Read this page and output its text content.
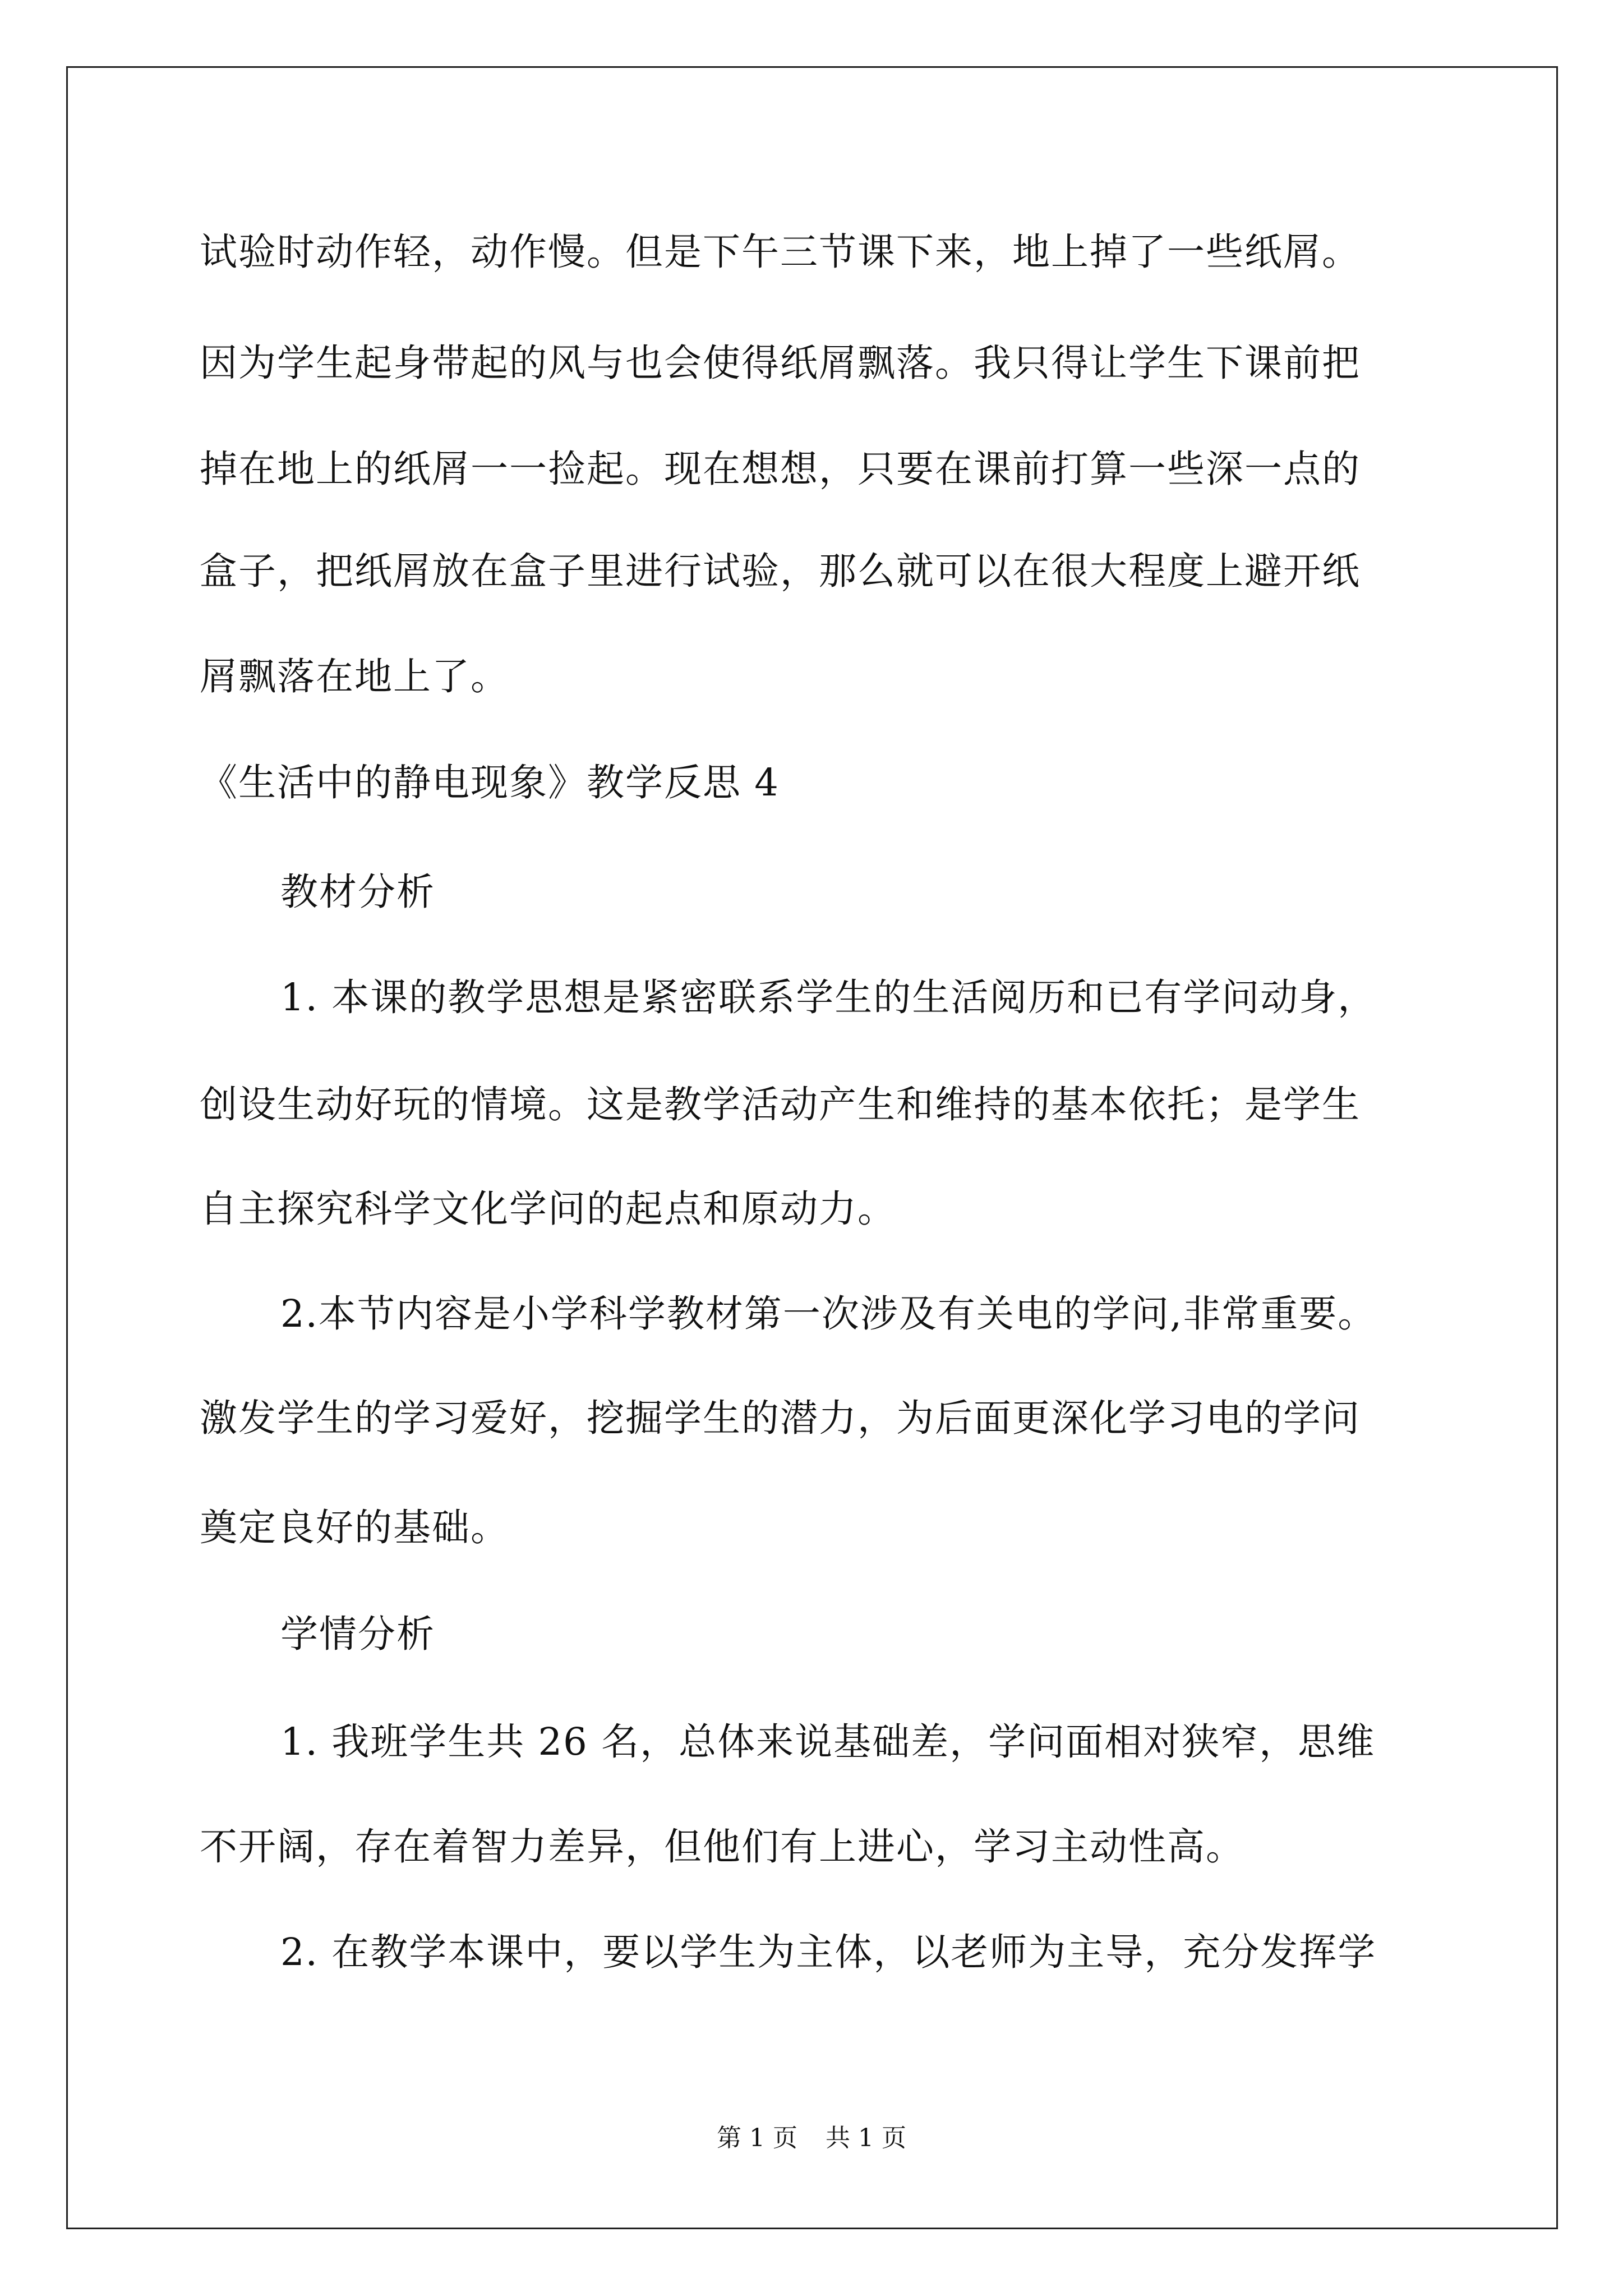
试验时动作轻，动作慢。但是下午三节课下来，地上掉了一些纸屑。
因为学生起身带起的风与也会使得纸屑飘落。我只得让学生下课前把
掉在地上的纸屑一一捡起。现在想想，只要在课前打算一些深一点的
盒子，把纸屑放在盒子里进行试验，那么就可以在很大程度上避开纸
屑飘落在地上了。
《生活中的静电现象》教学反思 4
教材分析
1. 本课的教学思想是紧密联系学生的生活阅历和已有学问动身，
创设生动好玩的情境。这是教学活动产生和维持的基本依托；是学生
自主探究科学文化学问的起点和原动力。
2.本节内容是小学科学教材第一次涉及有关电的学问,非常重要。
激发学生的学习爱好，挖掘学生的潜力，为后面更深化学习电的学问
奠定良好的基础。
学情分析
1. 我班学生共 26 名，总体来说基础差，学问面相对狭窄，思维
不开阔，存在着智力差异，但他们有上进心，学习主动性高。
2. 在教学本课中，要以学生为主体，以老师为主导，充分发挥学
第 1 页 共 1 页
